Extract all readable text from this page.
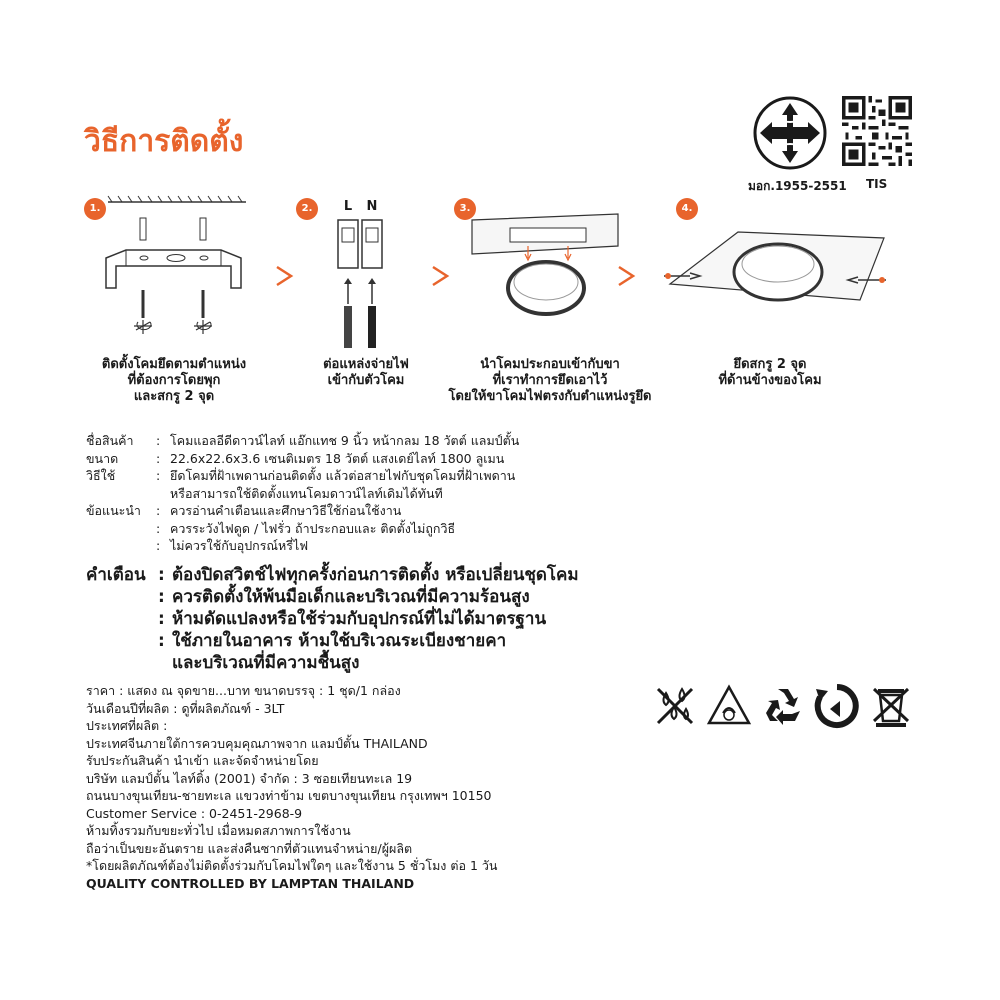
วิธีการติดตั้ง
มอก.1955-2551 TIS
1.
ติดตั้งโคมยึดตามตำแหน่ง
ที่ต้องการโดยพุก
และสกรู 2 จุด
2.	L N
ต่อแหล่งจ่ายไฟ
เข้ากับตัวโคม
3.
นำโคมประกอบเข้ากับขา
ที่เราทำการยึดเอาไว้
โดยให้ขาโคมไฟตรงกับตำแหน่งรูยึด
4.
ยึดสกรู 2 จุด
ที่ด้านข้างของโคม
ชื่อสินค้า	: โคมแอลอีดีดาวน์ไลท์ แอ๊กแทช 9 นิ้ว หน้ากลม 18 วัตต์ แลมป์ตั้น
ขนาด	: 22.6x22.6x3.6 เซนติเมตร 18 วัตต์ แสงเดย์ไลท์ 1800 ลูเมน
วิธีใช้	: ยึดโคมที่ฝ้าเพดานก่อนติดตั้ง แล้วต่อสายไฟกับชุดโคมที่ฝ้าเพดาน
หรือสามารถใช้ติดตั้งแทนโคมดาวน์ไลท์เดิมได้ทันที
ข้อแนะนำ	: ควรอ่านคำเตือนและศึกษาวิธีใช้ก่อนใช้งาน
: ควรระวังไฟดูด / ไฟรั่ว ถ้าประกอบและ ติดตั้งไม่ถูกวิธี
: ไม่ควรใช้กับอุปกรณ์หรี่ไฟ
คำเตือน : ต้องปิดสวิตช์ไฟทุกครั้งก่อนการติดตั้ง หรือเปลี่ยนชุดโคม
: ควรติดตั้งให้พ้นมือเด็กและบริเวณที่มีความร้อนสูง
: ห้ามดัดแปลงหรือใช้ร่วมกับอุปกรณ์ที่ไม่ได้มาตรฐาน
: ใช้ภายในอาคาร ห้ามใช้บริเวณระเบียงชายคา
และบริเวณที่มีความชื้นสูง
ราคา : แสดง ณ จุดขาย...บาท ขนาดบรรจุ : 1 ชุด/1 กล่อง
วันเดือนปีที่ผลิต : ดูที่ผลิตภัณฑ์ - 3LT
ประเทศที่ผลิต :
ประเทศจีนภายใต้การควบคุมคุณภาพจาก แลมป์ตั้น THAILAND
รับประกันสินค้า นำเข้า และจัดจำหน่ายโดย
บริษัท แลมป์ตั้น ไลท์ติ้ง (2001) จำกัด : 3 ซอยเทียนทะเล 19
ถนนบางขุนเทียน-ชายทะเล แขวงท่าข้าม เขตบางขุนเทียน กรุงเทพฯ 10150
Customer Service : 0-2451-2968-9
ห้ามทิ้งรวมกับขยะทั่วไป เมื่อหมดสภาพการใช้งาน
ถือว่าเป็นขยะอันตราย และส่งคืนซากที่ตัวแทนจำหน่าย/ผู้ผลิต
*โดยผลิตภัณฑ์ต้องไม่ติดตั้งร่วมกับโคมไฟใดๆ และใช้งาน 5 ชั่วโมง ต่อ 1 วัน
QUALITY CONTROLLED BY LAMPTAN THAILAND
